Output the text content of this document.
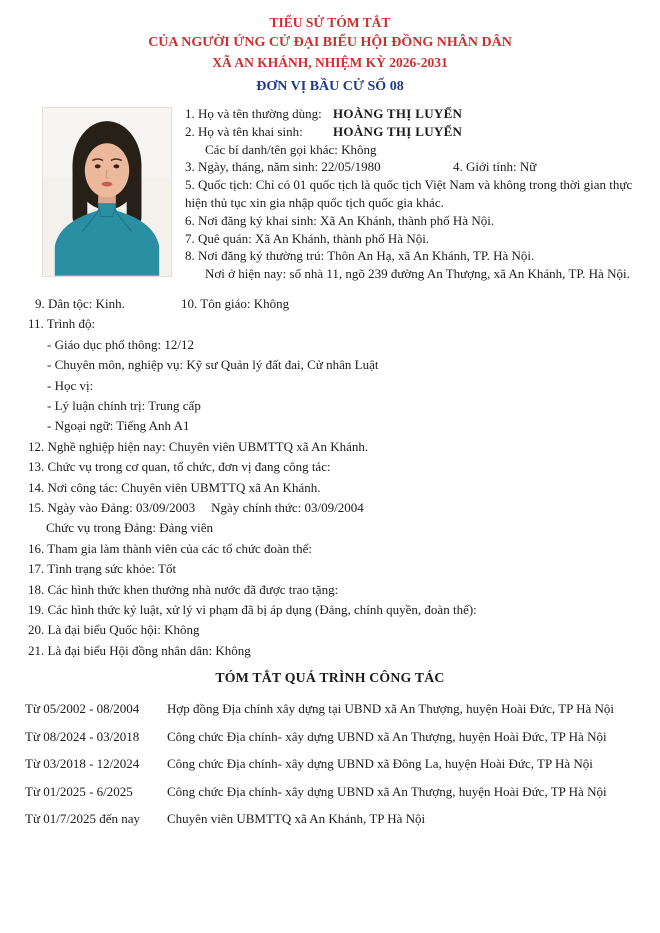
TIỂU SỬ TÓM TẮT
CỦA NGƯỜI ỨNG CỬ ĐẠI BIỂU HỘI ĐỒNG NHÂN DÂN
XÃ AN KHÁNH, NHIỆM KỲ 2026-2031
ĐƠN VỊ BẦU CỬ SỐ 08
1. Họ và tên thường dùng: HOÀNG THỊ LUYẾN
2. Họ và tên khai sinh: HOÀNG THỊ LUYẾN
Các bí danh/tên gọi khác: Không
3. Ngày, tháng, năm sinh: 22/05/1980	4. Giới tính: Nữ
5. Quốc tịch: Chỉ có 01 quốc tịch là quốc tịch Việt Nam và không trong thời gian thực hiện thủ tục xin gia nhập quốc tịch quốc gia khác.
6. Nơi đăng ký khai sinh: Xã An Khánh, thành phố Hà Nội.
7. Quê quán: Xã An Khánh, thành phố Hà Nội.
8. Nơi đăng ký thường trú: Thôn An Hạ, xã An Khánh, TP. Hà Nội.
Nơi ở hiện nay: số nhà 11, ngõ 239 đường An Thượng, xã An Khánh, TP. Hà Nội.
9. Dân tộc: Kinh.	10. Tôn giáo: Không
11. Trình độ:
- Giáo dục phổ thông: 12/12
- Chuyên môn, nghiệp vụ: Kỹ sư Quản lý đất đai, Cử nhân Luật
- Học vị:
- Lý luận chính trị: Trung cấp
- Ngoại ngữ: Tiếng Anh A1
12. Nghề nghiệp hiện nay: Chuyên viên UBMTTQ xã An Khánh.
13. Chức vụ trong cơ quan, tổ chức, đơn vị đang công tác:
14. Nơi công tác: Chuyên viên UBMTTQ xã An Khánh.
15. Ngày vào Đảng: 03/09/2003 Ngày chính thức: 03/09/2004
Chức vụ trong Đảng: Đảng viên
16. Tham gia làm thành viên của các tổ chức đoàn thể:
17. Tình trạng sức khỏe: Tốt
18. Các hình thức khen thưởng nhà nước đã được trao tặng:
19. Các hình thức kỷ luật, xử lý vi phạm đã bị áp dụng (Đảng, chính quyền, đoàn thể):
20. Là đại biểu Quốc hội: Không
21. Là đại biểu Hội đồng nhân dân: Không
TÓM TẮT QUÁ TRÌNH CÔNG TÁC
Từ 05/2002 - 08/2004	Hợp đồng Địa chính xây dựng tại UBND xã An Thượng, huyện Hoài Đức, TP Hà Nội
Từ 08/2024 - 03/2018	Công chức Địa chính- xây dựng UBND xã An Thượng, huyện Hoài Đức, TP Hà Nội
Từ 03/2018 - 12/2024	Công chức Địa chính- xây dựng UBND xã Đông La, huyện Hoài Đức, TP Hà Nội
Từ 01/2025 - 6/2025	Công chức Địa chính- xây dựng UBND xã An Thượng, huyện Hoài Đức, TP Hà Nội
Từ 01/7/2025 đến nay	Chuyên viên UBMTTQ xã An Khánh, TP Hà Nội
